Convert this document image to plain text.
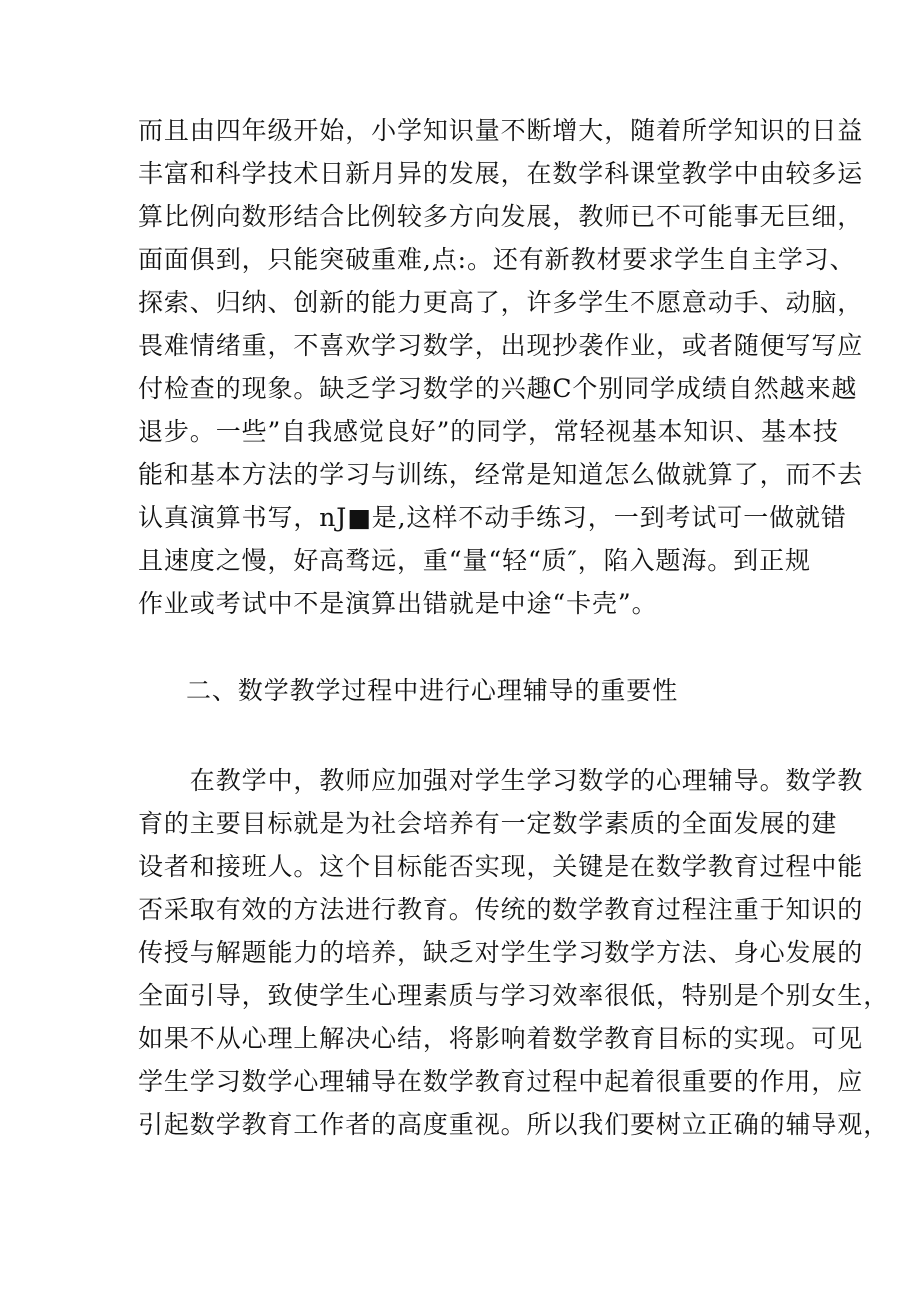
而且由四年级开始，小学知识量不断增大，随着所学知识的日益
丰富和科学技术日新月异的发展，在数学科课堂教学中由较多运
算比例向数形结合比例较多方向发展，教师已不可能事无巨细，
面面俱到，只能突破重难,点:。还有新教材要求学生自主学习、
探索、归纳、创新的能力更高了，许多学生不愿意动手、动脑，
畏难情绪重，不喜欢学习数学，出现抄袭作业，或者随便写写应
付检查的现象。缺乏学习数学的兴趣C个别同学成绩自然越来越
退步。一些”自我感觉良好”的同学，常轻视基本知识、基本技
能和基本方法的学习与训练，经常是知道怎么做就算了，而不去
认真演算书写，nJ■是,这样不动手练习，一到考试可一做就错
且速度之慢，好高骛远，重“量“轻“质″，陷入题海。到正规
作业或考试中不是演算出错就是中途“卡壳”。
二、数学教学过程中进行心理辅导的重要性
　　在教学中，教师应加强对学生学习数学的心理辅导。数学教
育的主要目标就是为社会培养有一定数学素质的全面发展的建
设者和接班人。这个目标能否实现，关键是在数学教育过程中能
否采取有效的方法进行教育。传统的数学教育过程注重于知识的
传授与解题能力的培养，缺乏对学生学习数学方法、身心发展的
全面引导，致使学生心理素质与学习效率很低，特别是个别女生，
如果不从心理上解决心结，将影响着数学教育目标的实现。可见
学生学习数学心理辅导在数学教育过程中起着很重要的作用，应
引起数学教育工作者的高度重视。所以我们要树立正确的辅导观，
